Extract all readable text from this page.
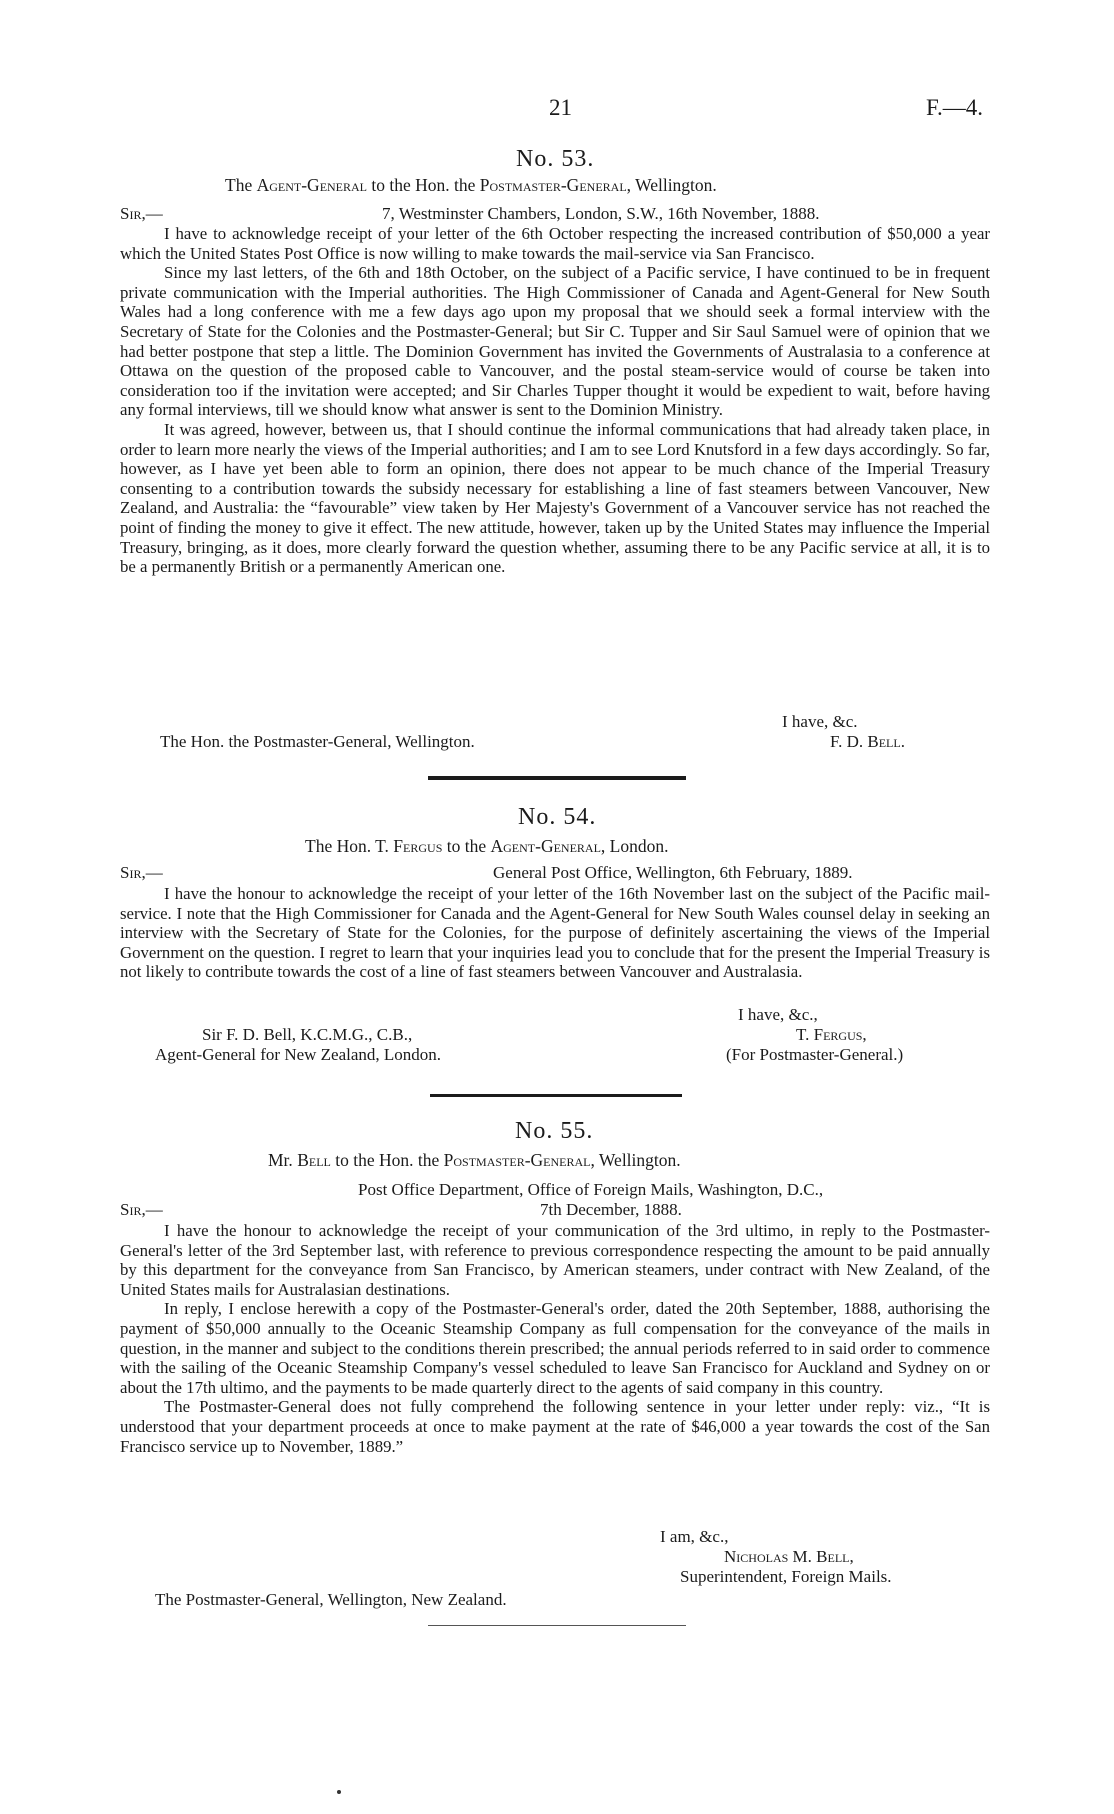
21	F.—4.
No. 53.
The Agent-General to the Hon. the Postmaster-General, Wellington.
Sir,—	7, Westminster Chambers, London, S.W., 16th November, 1888.

I have to acknowledge receipt of your letter of the 6th October respecting the increased contribution of $50,000 a year which the United States Post Office is now willing to make towards the mail-service via San Francisco.

Since my last letters, of the 6th and 18th October, on the subject of a Pacific service, I have continued to be in frequent private communication with the Imperial authorities. The High Commissioner of Canada and Agent-General for New South Wales had a long conference with me a few days ago upon my proposal that we should seek a formal interview with the Secretary of State for the Colonies and the Postmaster-General; but Sir C. Tupper and Sir Saul Samuel were of opinion that we had better postpone that step a little. The Dominion Government has invited the Governments of Australasia to a conference at Ottawa on the question of the proposed cable to Vancouver, and the postal steam-service would of course be taken into consideration too if the invitation were accepted; and Sir Charles Tupper thought it would be expedient to wait, before having any formal interviews, till we should know what answer is sent to the Dominion Ministry.

It was agreed, however, between us, that I should continue the informal communications that had already taken place, in order to learn more nearly the views of the Imperial authorities; and I am to see Lord Knutsford in a few days accordingly. So far, however, as I have yet been able to form an opinion, there does not appear to be much chance of the Imperial Treasury consenting to a contribution towards the subsidy necessary for establishing a line of fast steamers between Vancouver, New Zealand, and Australia: the “favourable” view taken by Her Majesty's Government of a Vancouver service has not reached the point of finding the money to give it effect. The new attitude, however, taken up by the United States may influence the Imperial Treasury, bringing, as it does, more clearly forward the question whether, assuming there to be any Pacific service at all, it is to be a permanently British or a permanently American one.

I have, &c.
The Hon. the Postmaster-General, Wellington.	F. D. Bell.
No. 54.
The Hon. T. Fergus to the Agent-General, London.
Sir,—	General Post Office, Wellington, 6th February, 1889.

I have the honour to acknowledge the receipt of your letter of the 16th November last on the subject of the Pacific mail-service. I note that the High Commissioner for Canada and the Agent-General for New South Wales counsel delay in seeking an interview with the Secretary of State for the Colonies, for the purpose of definitely ascertaining the views of the Imperial Government on the question. I regret to learn that your inquiries lead you to conclude that for the present the Imperial Treasury is not likely to contribute towards the cost of a line of fast steamers between Vancouver and Australasia.

I have, &c.,
Sir F. D. Bell, K.C.M.G., C.B.,	T. Fergus,
Agent-General for New Zealand, London.	(For Postmaster-General.)
No. 55.
Mr. Bell to the Hon. the Postmaster-General, Wellington.
Post Office Department, Office of Foreign Mails, Washington, D.C.,
Sir,—	7th December, 1888.

I have the honour to acknowledge the receipt of your communication of the 3rd ultimo, in reply to the Postmaster-General's letter of the 3rd September last, with reference to previous correspondence respecting the amount to be paid annually by this department for the conveyance from San Francisco, by American steamers, under contract with New Zealand, of the United States mails for Australasian destinations.

In reply, I enclose herewith a copy of the Postmaster-General's order, dated the 20th September, 1888, authorising the payment of $50,000 annually to the Oceanic Steamship Company as full compensation for the conveyance of the mails in question, in the manner and subject to the conditions therein prescribed; the annual periods referred to in said order to commence with the sailing of the Oceanic Steamship Company's vessel scheduled to leave San Francisco for Auckland and Sydney on or about the 17th ultimo, and the payments to be made quarterly direct to the agents of said company in this country.

The Postmaster-General does not fully comprehend the following sentence in your letter under reply: viz., “It is understood that your department proceeds at once to make payment at the rate of $46,000 a year towards the cost of the San Francisco service up to November, 1889.”

I am, &c.,
Nicholas M. Bell,
Superintendent, Foreign Mails.
The Postmaster-General, Wellington, New Zealand.
